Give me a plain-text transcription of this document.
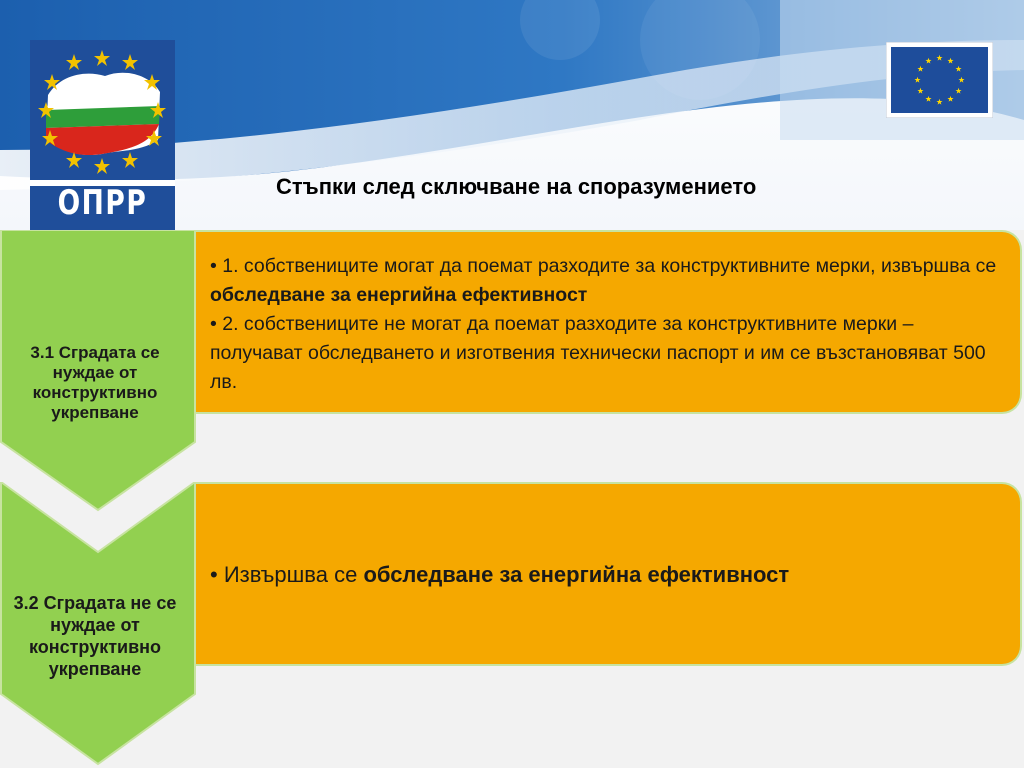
ОПРР	Стъпки след сключване на споразумението
3.1 Сградата се нуждае от конструктивно укрепване
• 1. собствениците могат да поемат разходите за конструктивните мерки, извършва се обследване за енергийна ефективност
• 2. собствениците не могат да поемат разходите за конструктивните мерки – получават обследването и изготвения технически паспорт и им се възстановяват 500 лв.
3.2 Сградата не се нуждае от конструктивно укрепване
• Извършва се обследване за енергийна ефективност
